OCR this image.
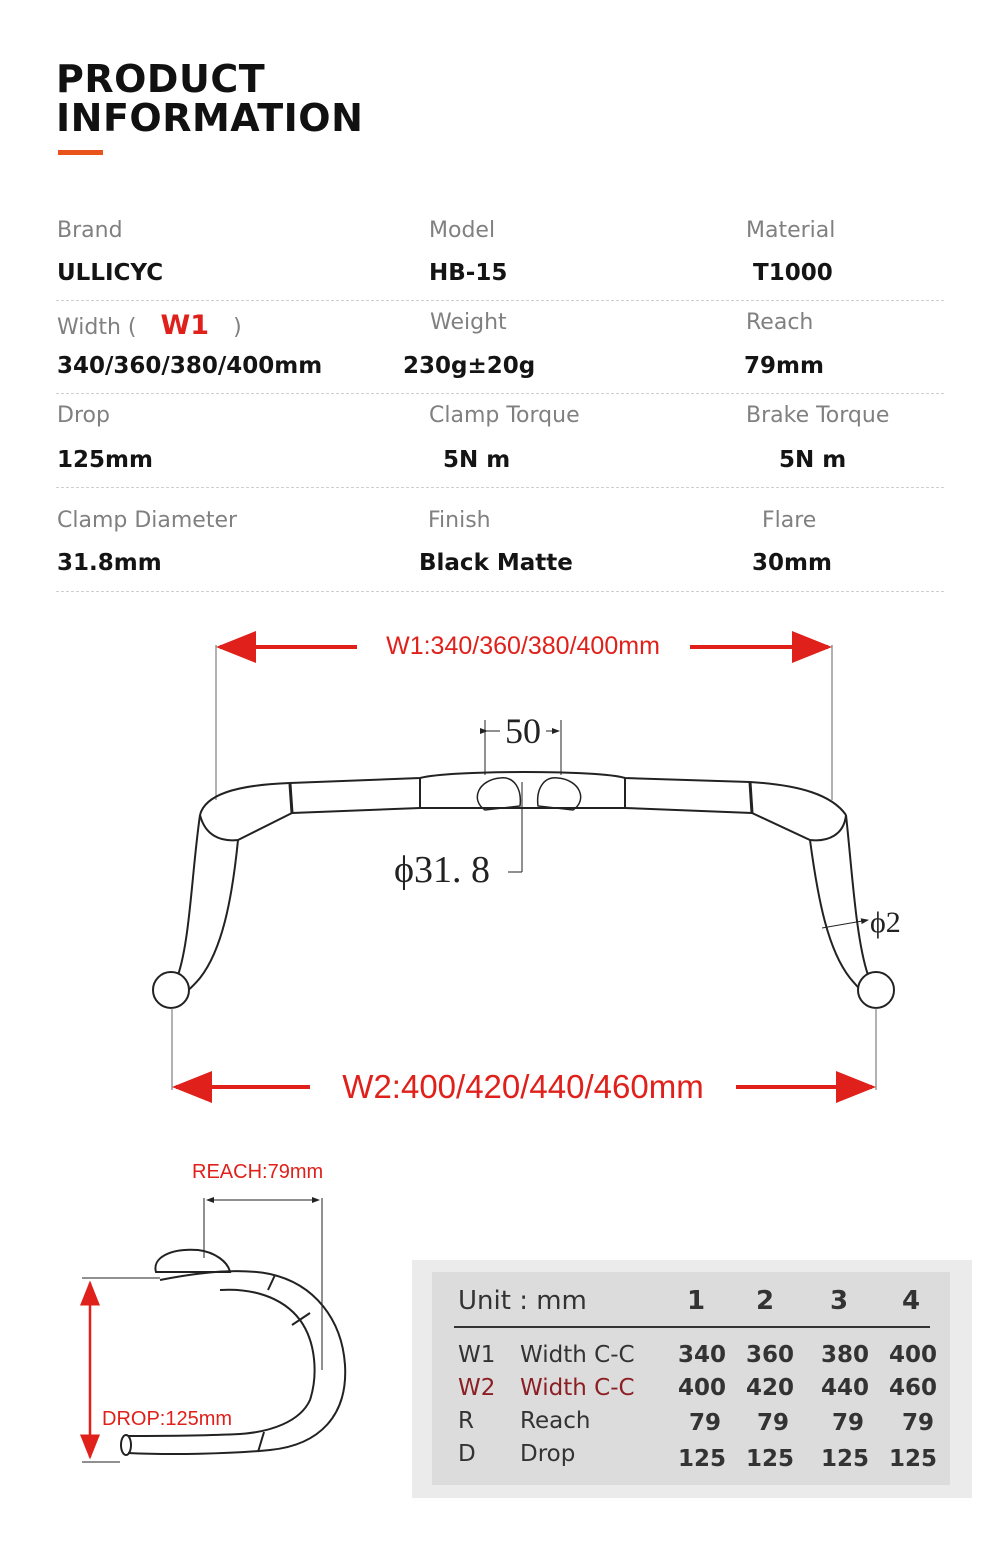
PRODUCT
INFORMATION
Brand
ULLICYC
Model
HB-15
Material
T1000
Width ( W1 )
340/360/380/400mm
Weight
230g±20g
Reach
79mm
Drop
125mm
Clamp Torque
5N m
Brake Torque
5N m
Clamp Diameter
31.8mm
Finish
Black Matte
Flare
30mm
W1:340/360/380/400mm
50
ϕ31. 8
ϕ2
W2:400/420/440/460mm
REACH:79mm
DROP:125mm
Unit : mm	1 2 3 4
W1 Width C-C 340 360 380 400
W2 Width C-C 400 420 440 460
R Reach	79 79 79 79
D Drop	125 125 125 125
